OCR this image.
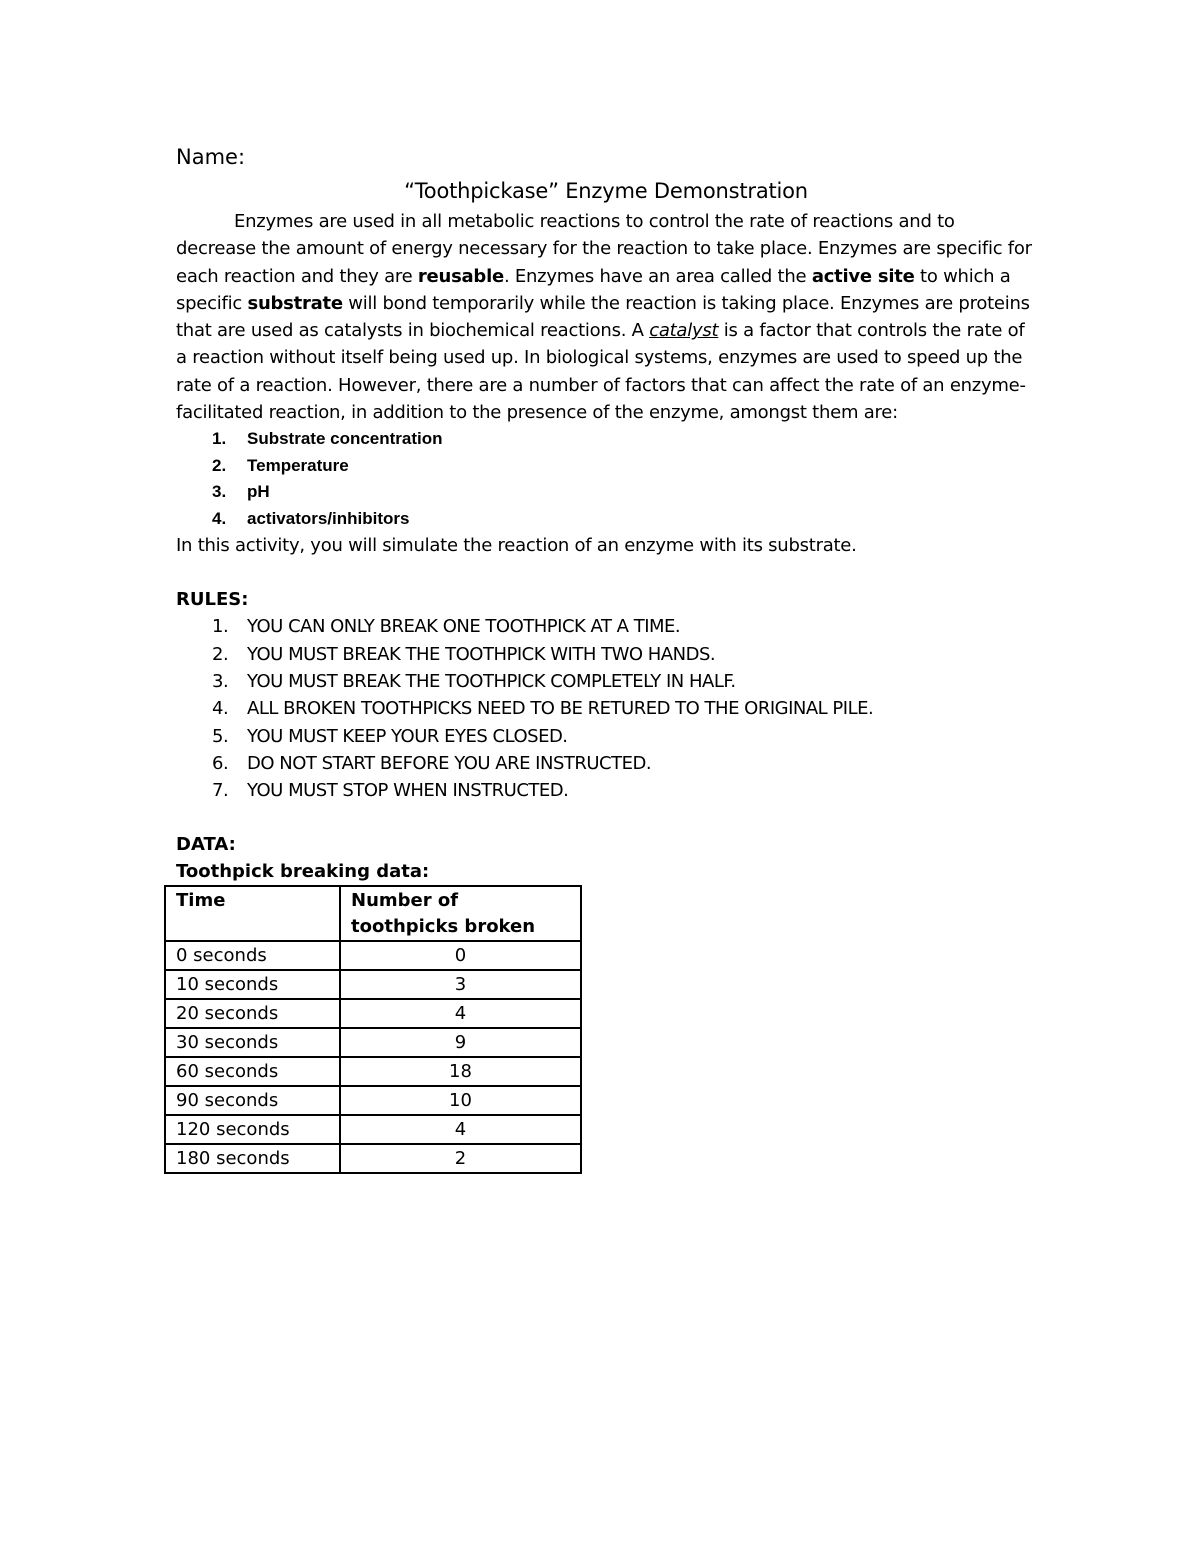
Name:

“Toothpickase” Enzyme Demonstration

Enzymes are used in all metabolic reactions to control the rate of reactions and to decrease the amount of energy necessary for the reaction to take place. Enzymes are specific for each reaction and they are reusable. Enzymes have an area called the active site to which a specific substrate will bond temporarily while the reaction is taking place. Enzymes are proteins that are used as catalysts in biochemical reactions. A catalyst is a factor that controls the rate of a reaction without itself being used up. In biological systems, enzymes are used to speed up the rate of a reaction. However, there are a number of factors that can affect the rate of an enzyme-facilitated reaction, in addition to the presence of the enzyme, amongst them are:

1. Substrate concentration
2. Temperature
3. pH
4. activators/inhibitors

In this activity, you will simulate the reaction of an enzyme with its substrate.

RULES:

1. YOU CAN ONLY BREAK ONE TOOTHPICK AT A TIME.
2. YOU MUST BREAK THE TOOTHPICK WITH TWO HANDS.
3. YOU MUST BREAK THE TOOTHPICK COMPLETELY IN HALF.
4. ALL BROKEN TOOTHPICKS NEED TO BE RETURED TO THE ORIGINAL PILE.
5. YOU MUST KEEP YOUR EYES CLOSED.
6. DO NOT START BEFORE YOU ARE INSTRUCTED.
7. YOU MUST STOP WHEN INSTRUCTED.

DATA:

Toothpick breaking data:

Time	Number of toothpicks broken
0 seconds	0
10 seconds	3
20 seconds	4
30 seconds	9
60 seconds	18
90 seconds	10
120 seconds	4
180 seconds	2
